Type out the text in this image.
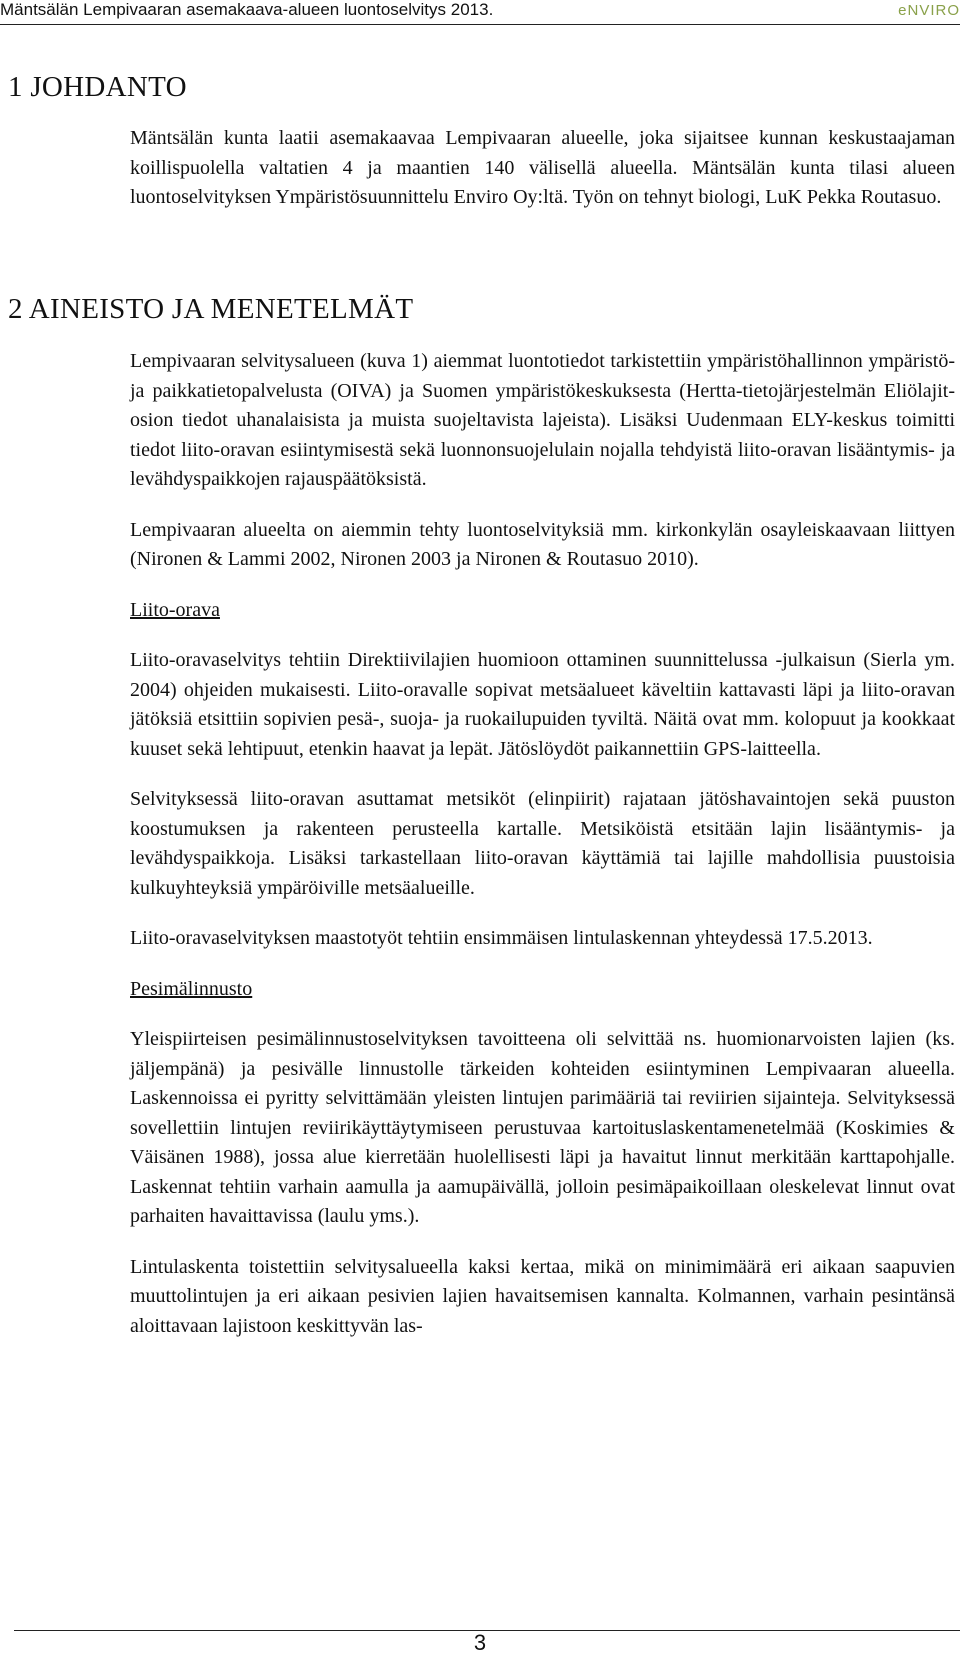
Mäntsälän Lempivaaran asemakaava-alueen luontoselvitys 2013.	eNVIRO
1 JOHDANTO

Mäntsälän kunta laatii asemakaavaa Lempivaaran alueelle, joka sijaitsee kunnan keskustaajaman koillispuolella valtatien 4 ja maantien 140 välisellä alueella. Mäntsälän kunta tilasi alueen luontoselvityksen Ympäristösuunnittelu Enviro Oy:ltä. Työn on tehnyt biologi, LuK Pekka Routasuo.

2 AINEISTO JA MENETELMÄT

Lempivaaran selvitysalueen (kuva 1) aiemmat luontotiedot tarkistettiin ympäristöhallinnon ympäristö- ja paikkatietopalvelusta (OIVA) ja Suomen ympäristökeskuksesta (Hertta-tietojärjestelmän Eliölajit-osion tiedot uhanalaisista ja muista suojeltavista lajeista). Lisäksi Uudenmaan ELY-keskus toimitti tiedot liito-oravan esiintymisestä sekä luonnonsuojelulain nojalla tehdyistä liito-oravan lisääntymis- ja levähdyspaikkojen rajauspäätöksistä.

Lempivaaran alueelta on aiemmin tehty luontoselvityksiä mm. kirkonkylän osayleiskaavaan liittyen (Nironen & Lammi 2002, Nironen 2003 ja Nironen & Routasuo 2010).

Liito-orava

Liito-oravaselvitys tehtiin Direktiivilajien huomioon ottaminen suunnittelussa -julkaisun (Sierla ym. 2004) ohjeiden mukaisesti. Liito-oravalle sopivat metsäalueet käveltiin kattavasti läpi ja liito-oravan jätöksiä etsittiin sopivien pesä-, suoja- ja ruokailupuiden tyviltä. Näitä ovat mm. kolopuut ja kookkaat kuuset sekä lehtipuut, etenkin haavat ja lepät. Jätöslöydöt paikannettiin GPS-laitteella.

Selvityksessä liito-oravan asuttamat metsiköt (elinpiirit) rajataan jätöshavaintojen sekä puuston koostumuksen ja rakenteen perusteella kartalle. Metsiköistä etsitään lajin lisääntymis- ja levähdyspaikkoja. Lisäksi tarkastellaan liito-oravan käyttämiä tai lajille mahdollisia puustoisia kulkuyhteyksiä ympäröiville metsäalueille.

Liito-oravaselvityksen maastotyöt tehtiin ensimmäisen lintulaskennan yhteydessä 17.5.2013.

Pesimälinnusto

Yleispiirteisen pesimälinnustoselvityksen tavoitteena oli selvittää ns. huomionarvoisten lajien (ks. jäljempänä) ja pesivälle linnustolle tärkeiden kohteiden esiintyminen Lempivaaran alueella. Laskennoissa ei pyritty selvittämään yleisten lintujen parimääriä tai reviirien sijainteja. Selvityksessä sovellettiin lintujen reviirikäyttäytymiseen perustuvaa kartoituslaskentamenetelmää (Koskimies & Väisänen 1988), jossa alue kierretään huolellisesti läpi ja havaitut linnut merkitään karttapohjalle. Laskennat tehtiin varhain aamulla ja aamupäivällä, jolloin pesimäpaikoillaan oleskelevat linnut ovat parhaiten havaittavissa (laulu yms.).

Lintulaskenta toistettiin selvitysalueella kaksi kertaa, mikä on minimimäärä eri aikaan saapuvien muuttolintujen ja eri aikaan pesivien lajien havaitsemisen kannalta. Kolmannen, varhain pesintänsä aloittavaan lajistoon keskittyvän las-

3
